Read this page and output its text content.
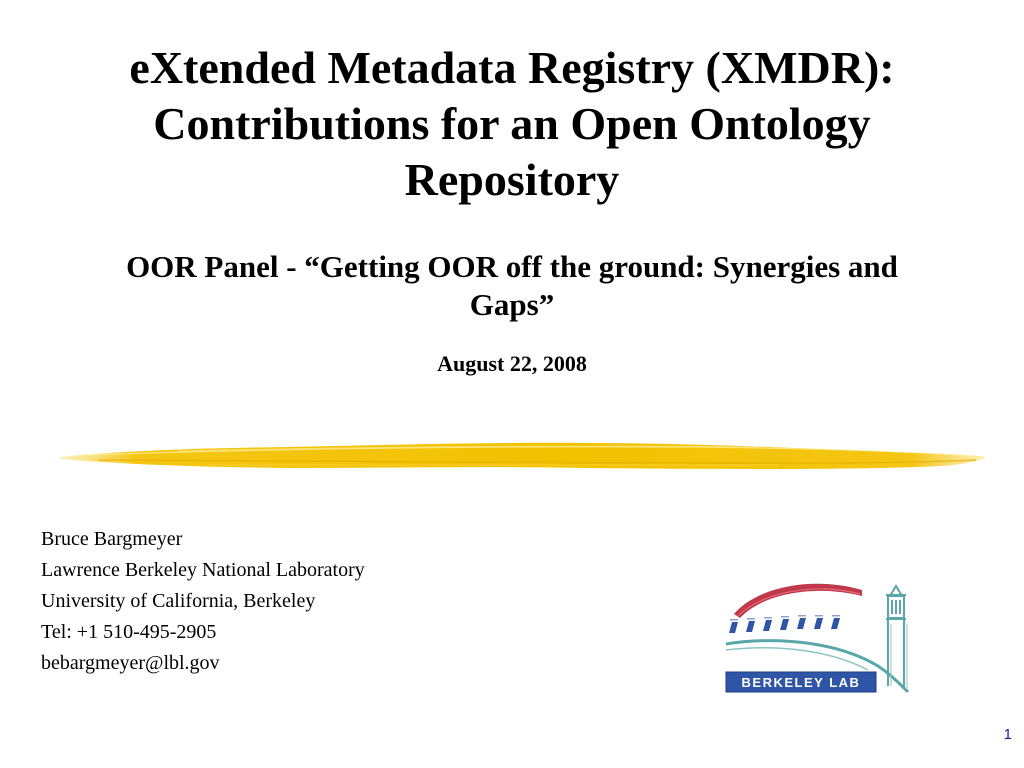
eXtended Metadata Registry (XMDR):
Contributions for an Open Ontology
Repository
OOR Panel - “Getting OOR off the ground: Synergies and
Gaps”
August 22, 2008
Bruce Bargmeyer
Lawrence Berkeley National Laboratory
University of California, Berkeley
Tel: +1 510-495-2905
bebargmeyer@lbl.gov
BERKELEY LAB
1
